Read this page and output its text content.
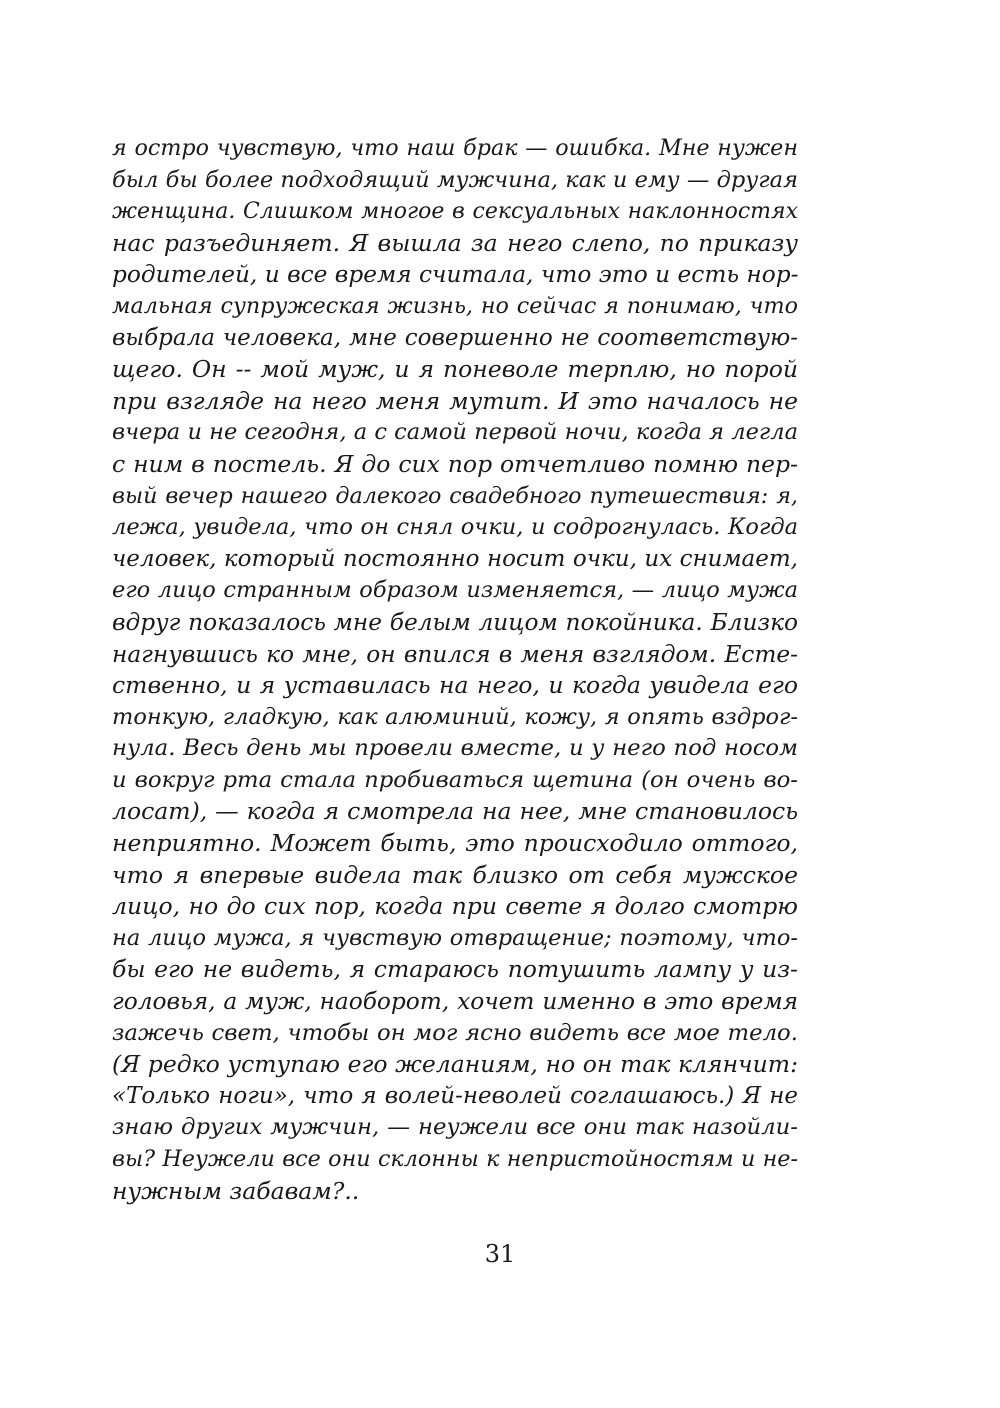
я остро чувствую, что наш брак — ошибка. Мне нужен
был бы более подходящий мужчина, как и ему — другая
женщина. Слишком многое в сексуальных наклонностях
нас разъединяет. Я вышла за него слепо, по приказу
родителей, и все время считала, что это и есть нор-
мальная супружеская жизнь, но сейчас я понимаю, что
выбрала человека, мне совершенно не соответствую-
щего. Он -- мой муж, и я поневоле терплю, но порой
при взгляде на него меня мутит. И это началось не
вчера и не сегодня, а с самой первой ночи, когда я легла
с ним в постель. Я до сих пор отчетливо помню пер-
вый вечер нашего далекого свадебного путешествия: я,
лежа, увидела, что он снял очки, и содрогнулась. Когда
человек, который постоянно носит очки, их снимает,
его лицо странным образом изменяется, — лицо мужа
вдруг показалось мне белым лицом покойника. Близко
нагнувшись ко мне, он впился в меня взглядом. Есте-
ственно, и я уставилась на него, и когда увидела его
тонкую, гладкую, как алюминий, кожу, я опять вздрог-
нула. Весь день мы провели вместе, и у него под носом
и вокруг рта стала пробиваться щетина (он очень во-
лосат), — когда я смотрела на нее, мне становилось
неприятно. Может быть, это происходило оттого,
что я впервые видела так близко от себя мужское
лицо, но до сих пор, когда при свете я долго смотрю
на лицо мужа, я чувствую отвращение; поэтому, что-
бы его не видеть, я стараюсь потушить лампу у из-
головья, а муж, наоборот, хочет именно в это время
зажечь свет, чтобы он мог ясно видеть все мое тело.
(Я редко уступаю его желаниям, но он так клянчит:
«Только ноги», что я волей-неволей соглашаюсь.) Я не
знаю других мужчин, — неужели все они так назойли-
вы? Неужели все они склонны к непристойностям и не-
нужным забавам?..
31
